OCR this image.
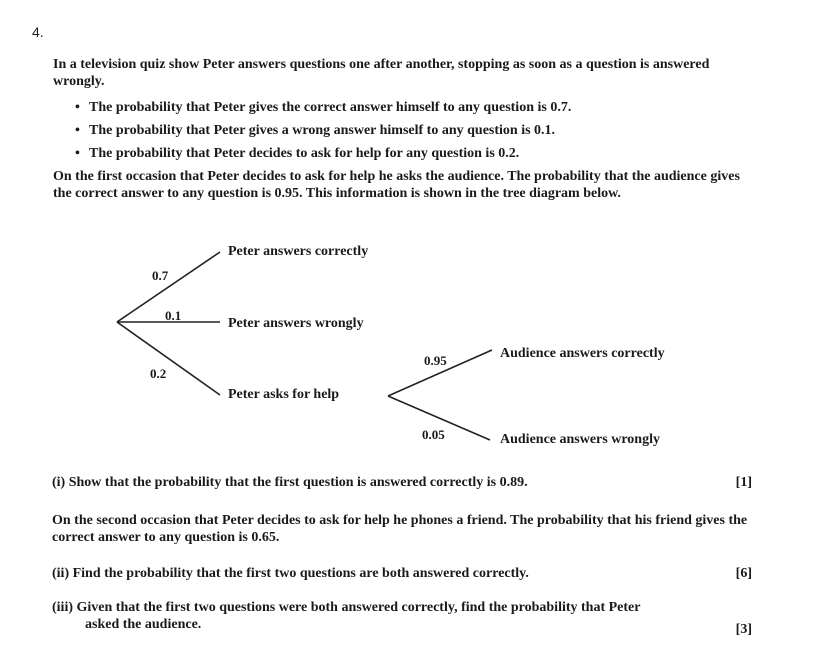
4.
In a television quiz show Peter answers questions one after another, stopping as soon as a question is answered wrongly.
• The probability that Peter gives the correct answer himself to any question is 0.7.
• The probability that Peter gives a wrong answer himself to any question is 0.1.
• The probability that Peter decides to ask for help for any question is 0.2.
On the first occasion that Peter decides to ask for help he asks the audience. The probability that the audience gives the correct answer to any question is 0.95. This information is shown in the tree diagram below.
0.7
0.1
0.2
Peter answers correctly
Peter answers wrongly
Peter asks for help
0.95
0.05
Audience answers correctly
Audience answers wrongly
(i) Show that the probability that the first question is answered correctly is 0.89.	[1]
On the second occasion that Peter decides to ask for help he phones a friend. The probability that his friend gives the correct answer to any question is 0.65.
(ii) Find the probability that the first two questions are both answered correctly.	[6]
(iii) Given that the first two questions were both answered correctly, find the probability that Peter
asked the audience.	[3]
